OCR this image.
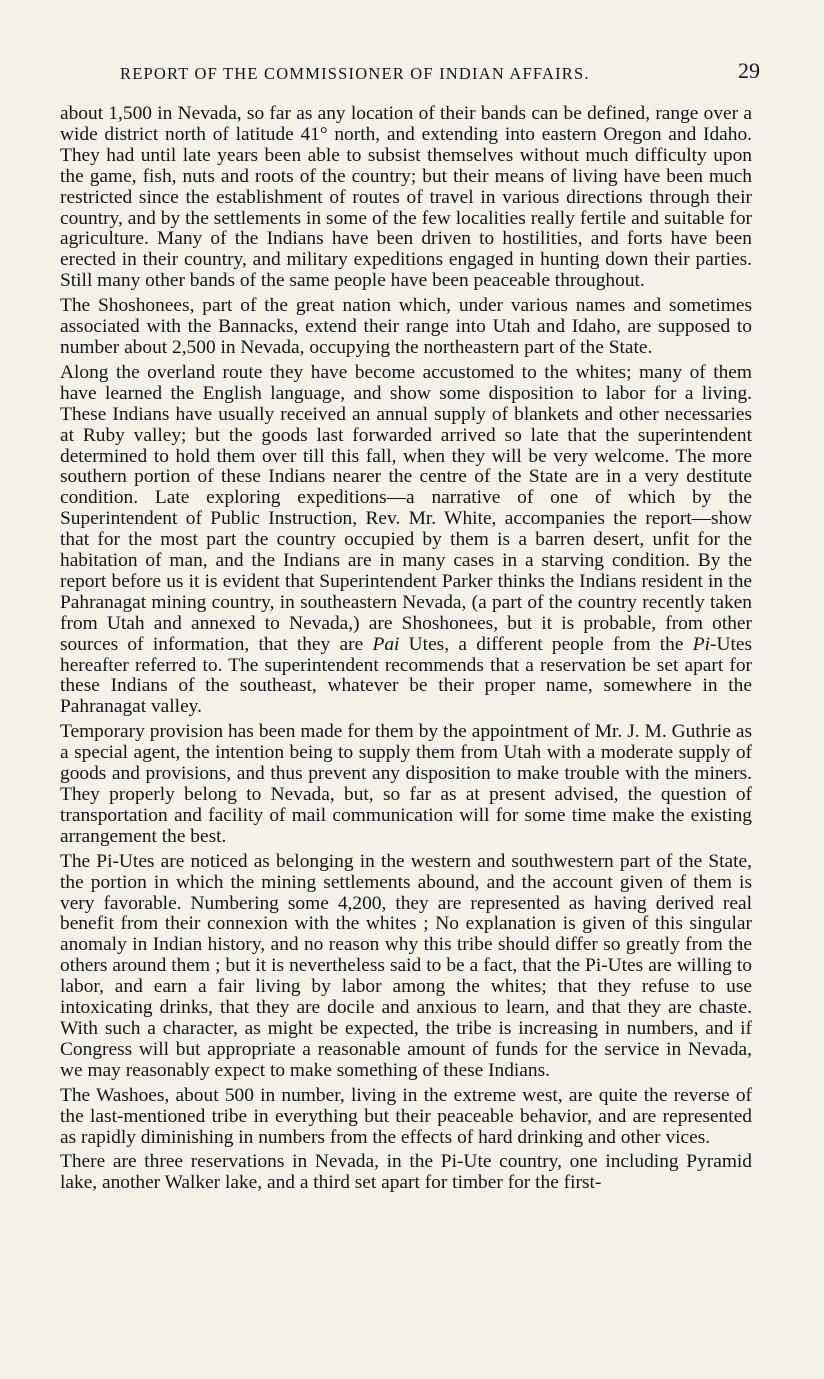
REPORT OF THE COMMISSIONER OF INDIAN AFFAIRS.	29

about 1,500 in Nevada, so far as any location of their bands can be defined, range over a wide district north of latitude 41° north, and extending into eastern Oregon and Idaho. They had until late years been able to subsist themselves without much difficulty upon the game, fish, nuts and roots of the country; but their means of living have been much restricted since the establishment of routes of travel in various directions through their country, and by the settlements in some of the few localities really fertile and suitable for agriculture. Many of the Indians have been driven to hostilities, and forts have been erected in their country, and military expeditions engaged in hunting down their parties. Still many other bands of the same people have been peaceable throughout.

The Shoshonees, part of the great nation which, under various names and sometimes associated with the Bannacks, extend their range into Utah and Idaho, are supposed to number about 2,500 in Nevada, occupying the northeastern part of the State.

Along the overland route they have become accustomed to the whites; many of them have learned the English language, and show some disposition to labor for a living. These Indians have usually received an annual supply of blankets and other necessaries at Ruby valley; but the goods last forwarded arrived so late that the superintendent determined to hold them over till this fall, when they will be very welcome. The more southern portion of these Indians nearer the centre of the State are in a very destitute condition. Late exploring expeditions—a narrative of one of which by the Superintendent of Public Instruction, Rev. Mr. White, accompanies the report—show that for the most part the country occupied by them is a barren desert, unfit for the habitation of man, and the Indians are in many cases in a starving condition. By the report before us it is evident that Superintendent Parker thinks the Indians resident in the Pahranagat mining country, in southeastern Nevada, (a part of the country recently taken from Utah and annexed to Nevada,) are Shoshonees, but it is probable, from other sources of information, that they are Pai Utes, a different people from the Pi-Utes hereafter referred to. The superintendent recommends that a reservation be set apart for these Indians of the southeast, whatever be their proper name, somewhere in the Pahranagat valley.

Temporary provision has been made for them by the appointment of Mr. J. M. Guthrie as a special agent, the intention being to supply them from Utah with a moderate supply of goods and provisions, and thus prevent any disposition to make trouble with the miners. They properly belong to Nevada, but, so far as at present advised, the question of transportation and facility of mail communication will for some time make the existing arrangement the best.

The Pi-Utes are noticed as belonging in the western and southwestern part of the State, the portion in which the mining settlements abound, and the account given of them is very favorable. Numbering some 4,200, they are represented as having derived real benefit from their connexion with the whites ; No explanation is given of this singular anomaly in Indian history, and no reason why this tribe should differ so greatly from the others around them ; but it is nevertheless said to be a fact, that the Pi-Utes are willing to labor, and earn a fair living by labor among the whites; that they refuse to use intoxicating drinks, that they are docile and anxious to learn, and that they are chaste. With such a character, as might be expected, the tribe is increasing in numbers, and if Congress will but appropriate a reasonable amount of funds for the service in Nevada, we may reasonably expect to make something of these Indians.

The Washoes, about 500 in number, living in the extreme west, are quite the reverse of the last-mentioned tribe in everything but their peaceable behavior, and are represented as rapidly diminishing in numbers from the effects of hard drinking and other vices.

There are three reservations in Nevada, in the Pi-Ute country, one including Pyramid lake, another Walker lake, and a third set apart for timber for the first-
